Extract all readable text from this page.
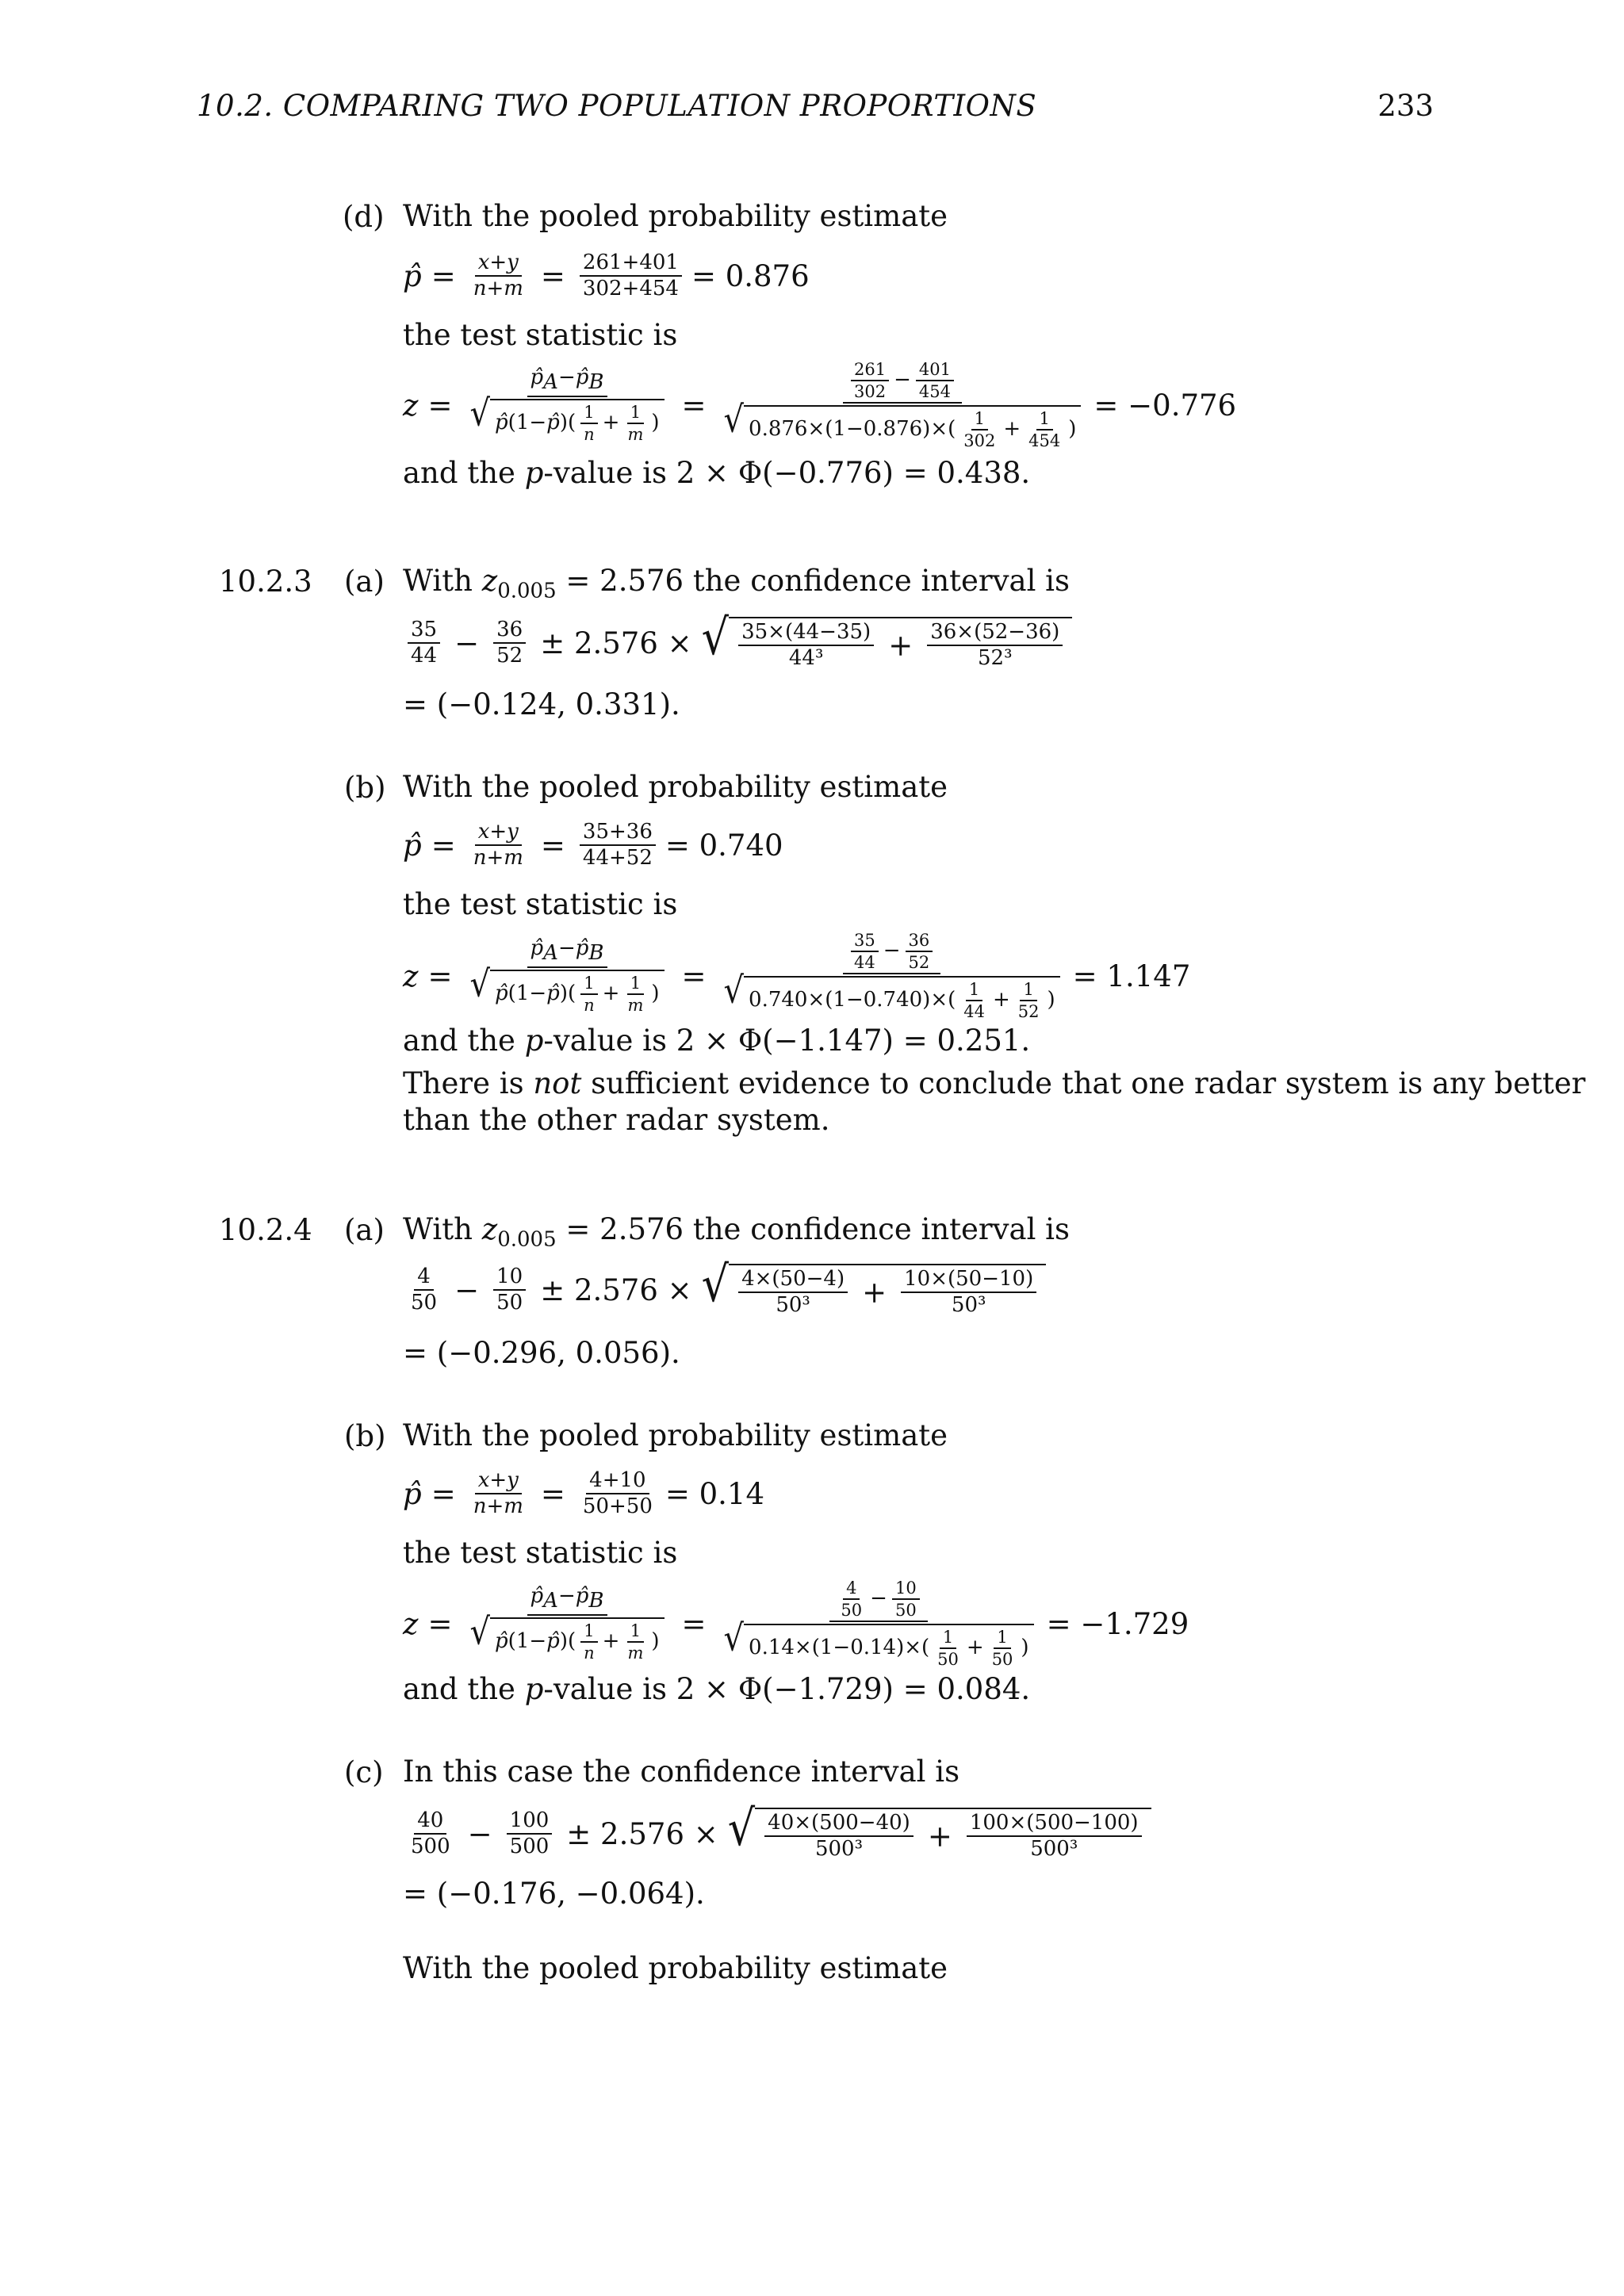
10.2. COMPARING TWO POPULATION PROPORTIONS	233
(d) With the pooled probability estimate
p̂ = $\frac{x+y}{n+m} = \frac{261+401}{302+454} = 0.876$
the test statistic is
$z = \frac{p̂_A-p̂_B}{√ p̂ (1- p̂ )( \frac{1}{n} + \frac{1}{m} )} = \frac{\frac{261}{302} - \frac{401}{454}}{√ 0.876 \times(1- 0.876 )\times( \frac{1}{302} + \frac{1}{454} )} = -0.776$
and the p-value is 2 × Φ(−0.776) = 0.438.
10.2.3 (a) With $z_{0.005} = 2.576$ the confidence interval is
$\frac{35}{44} - \frac{36}{52} \pm 2.576$ × √ $\frac{35\times(44-35)}{\text{44³}} + \frac{36\times(52-36)}{\text{52³}}$
= (−0.124, 0.331).
(b) With the pooled probability estimate
p̂ = $\frac{x+y}{n+m} = \frac{35+36}{44+52} = 0.740$
the test statistic is
$z = \frac{p̂_A-p̂_B}{√ p̂ (1- p̂ )( \frac{1}{n} + \frac{1}{m} )} = \frac{\frac{35}{44} - \frac{36}{52}}{√ 0.740 \times(1- 0.740 )\times( \frac{1}{44} + \frac{1}{52} )} = 1.147$
and the p-value is 2 × Φ(−1.147) = 0.251.
There is not sufficient evidence to conclude that one radar system is any better
than the other radar system.
10.2.4 (a) With $z_{0.005} = 2.576$ the confidence interval is
$\frac{4}{50} - \frac{10}{50} \pm 2.576$ × √ $\frac{4\times(50-4)}{\text{50³}} + \frac{10\times(50-10)}{\text{50³}}$
= (−0.296, 0.056).
(b) With the pooled probability estimate
p̂ = $\frac{x+y}{n+m} = \frac{4+10}{50+50} = 0.14$
the test statistic is
$z = \frac{p̂_A-p̂_B}{√ p̂ (1- p̂ )( \frac{1}{n} + \frac{1}{m} )} = \frac{\frac{4}{50} - \frac{10}{50}}{√ 0.14 \times(1- 0.14 )\times( \frac{1}{50} + \frac{1}{50} )} = -1.729$
and the p-value is 2 × Φ(−1.729) = 0.084.
(c) In this case the confidence interval is
$\frac{40}{500} - \frac{100}{500} \pm 2.576$ × √ $\frac{40\times(500-40)}{\text{500³}} + \frac{100\times(500-100)}{\text{500³}}$
= (−0.176, −0.064).
With the pooled probability estimate
